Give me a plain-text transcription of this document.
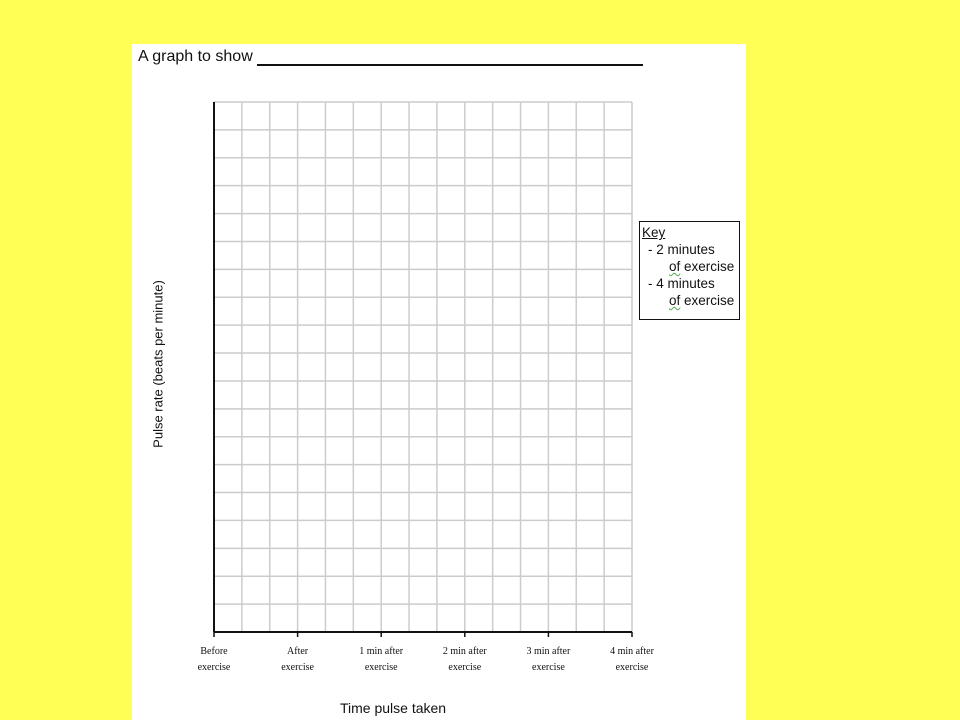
A graph to show
Before
exercise
After
exercise
1 min after
exercise
2 min after
exercise
3 min after
exercise
4 min after
exercise
Pulse rate (beats per minute)
Time pulse taken
Key
- 2 minutes
of exercise
- 4 minutes
of exercise
